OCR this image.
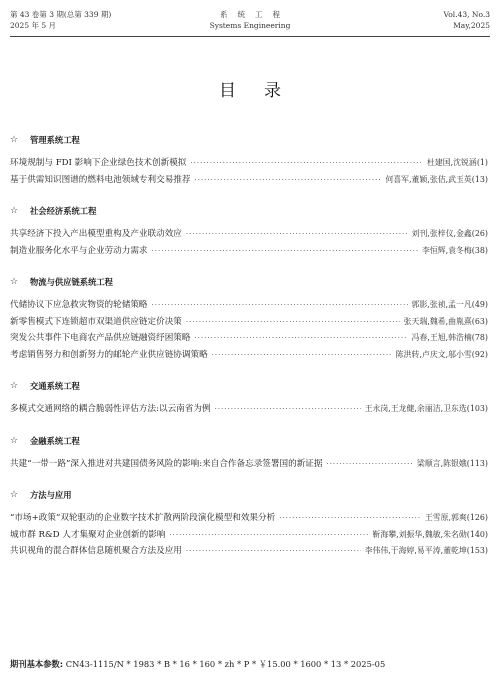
第 43 卷第 3 期(总第 339 期)
2025 年 5 月
系统工程
Systems Engineering
Vol.43, No.3
May,2025
目录
☆	管理系统工程
环境规制与 FDI 影响下企业绿色技术创新模拟 ·····	杜建国,沈锐涵(1)
基于供需知识图谱的燃料电池领域专利交易推荐 ·····	何喜军,董颖,张佶,武玉英(13)
☆	社会经济系统工程
共享经济下投入产出模型重构及产业联动效应 ·····	刘刊,张梓仪,金鑫(26)
制造业服务化水平与企业劳动力需求 ·····	李恒辉,袁冬梅(38)
☆	物流与供应链系统工程
代储协议下应急救灾物资的轮储策略 ·····	郭影,张祯,孟一凡(49)
新零售模式下连锁超市双渠道供应链定价决策 ·····	张天瑞,魏希,曲胤熹(63)
突发公共事件下电商农产品供应链融资纾困策略 ·····	冯春,王旭,韩浩楠(78)
考虑销售努力和创新努力的邮轮产业供应链协调策略 ·····	陈洪转,卢庆文,邬小雪(92)
☆	交通系统工程
多模式交通网络的耦合脆弱性评估方法:以云南省为例 ·····	王永岗,王龙健,余丽洁,卫东选(103)
☆	金融系统工程
共建“一带一路”深入推进对共建国债务风险的影响:来自合作备忘录签署国的新证据 ·····	梁顺言,陈银娥(113)
☆	方法与应用
“市场+政策”双轮驱动的企业数字技术扩散两阶段演化模型和效果分析 ·····	王雪原,郭爽(126)
城市群 R&D 人才集聚对企业创新的影响 ·····	靳海攀,刘振华,魏敏,朱名勋(140)
共识视角的混合群体信息随机聚合方法及应用 ·····	李伟伟,于海婷,易平涛,董乾坤(153)
期刊基本参数: CN43-1115/N * 1983 * B * 16 * 160 * zh * P * ￥15.00 * 1600 * 13 * 2025-05
